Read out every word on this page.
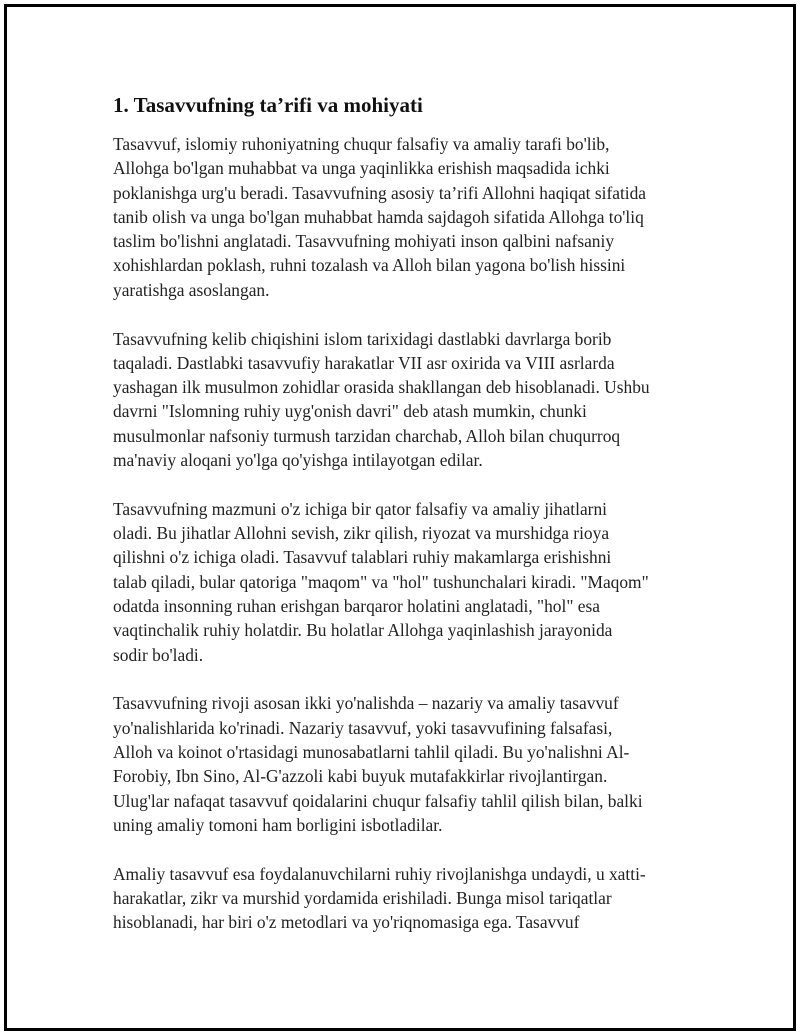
1. Tasavvufning ta’rifi va mohiyati

Tasavvuf, islomiy ruhoniyatning chuqur falsafiy va amaliy tarafi bo'lib,
Allohga bo'lgan muhabbat va unga yaqinlikka erishish maqsadida ichki
poklanishga urg'u beradi. Tasavvufning asosiy ta’rifi Allohni haqiqat sifatida
tanib olish va unga bo'lgan muhabbat hamda sajdagoh sifatida Allohga to'liq
taslim bo'lishni anglatadi. Tasavvufning mohiyati inson qalbini nafsaniy
xohishlardan poklash, ruhni tozalash va Alloh bilan yagona bo'lish hissini
yaratishga asoslangan.

Tasavvufning kelib chiqishini islom tarixidagi dastlabki davrlarga borib
taqaladi. Dastlabki tasavvufiy harakatlar VII asr oxirida va VIII asrlarda
yashagan ilk musulmon zohidlar orasida shakllangan deb hisoblanadi. Ushbu
davrni "Islomning ruhiy uyg'onish davri" deb atash mumkin, chunki
musulmonlar nafsoniy turmush tarzidan charchab, Alloh bilan chuqurroq
ma'naviy aloqani yo'lga qo'yishga intilayotgan edilar.

Tasavvufning mazmuni o'z ichiga bir qator falsafiy va amaliy jihatlarni
oladi. Bu jihatlar Allohni sevish, zikr qilish, riyozat va murshidga rioya
qilishni o'z ichiga oladi. Tasavvuf talablari ruhiy makamlarga erishishni
talab qiladi, bular qatoriga "maqom" va "hol" tushunchalari kiradi. "Maqom"
odatda insonning ruhan erishgan barqaror holatini anglatadi, "hol" esa
vaqtinchalik ruhiy holatdir. Bu holatlar Allohga yaqinlashish jarayonida
sodir bo'ladi.

Tasavvufning rivoji asosan ikki yo'nalishda – nazariy va amaliy tasavvuf
yo'nalishlarida ko'rinadi. Nazariy tasavvuf, yoki tasavvufining falsafasi,
Alloh va koinot o'rtasidagi munosabatlarni tahlil qiladi. Bu yo'nalishni Al-
Forobiy, Ibn Sino, Al-G'azzoli kabi buyuk mutafakkirlar rivojlantirgan.
Ulug'lar nafaqat tasavvuf qoidalarini chuqur falsafiy tahlil qilish bilan, balki
uning amaliy tomoni ham borligini isbotladilar.

Amaliy tasavvuf esa foydalanuvchilarni ruhiy rivojlanishga undaydi, u xatti-
harakatlar, zikr va murshid yordamida erishiladi. Bunga misol tariqatlar
hisoblanadi, har biri o'z metodlari va yo'riqnomasiga ega. Tasavvuf
